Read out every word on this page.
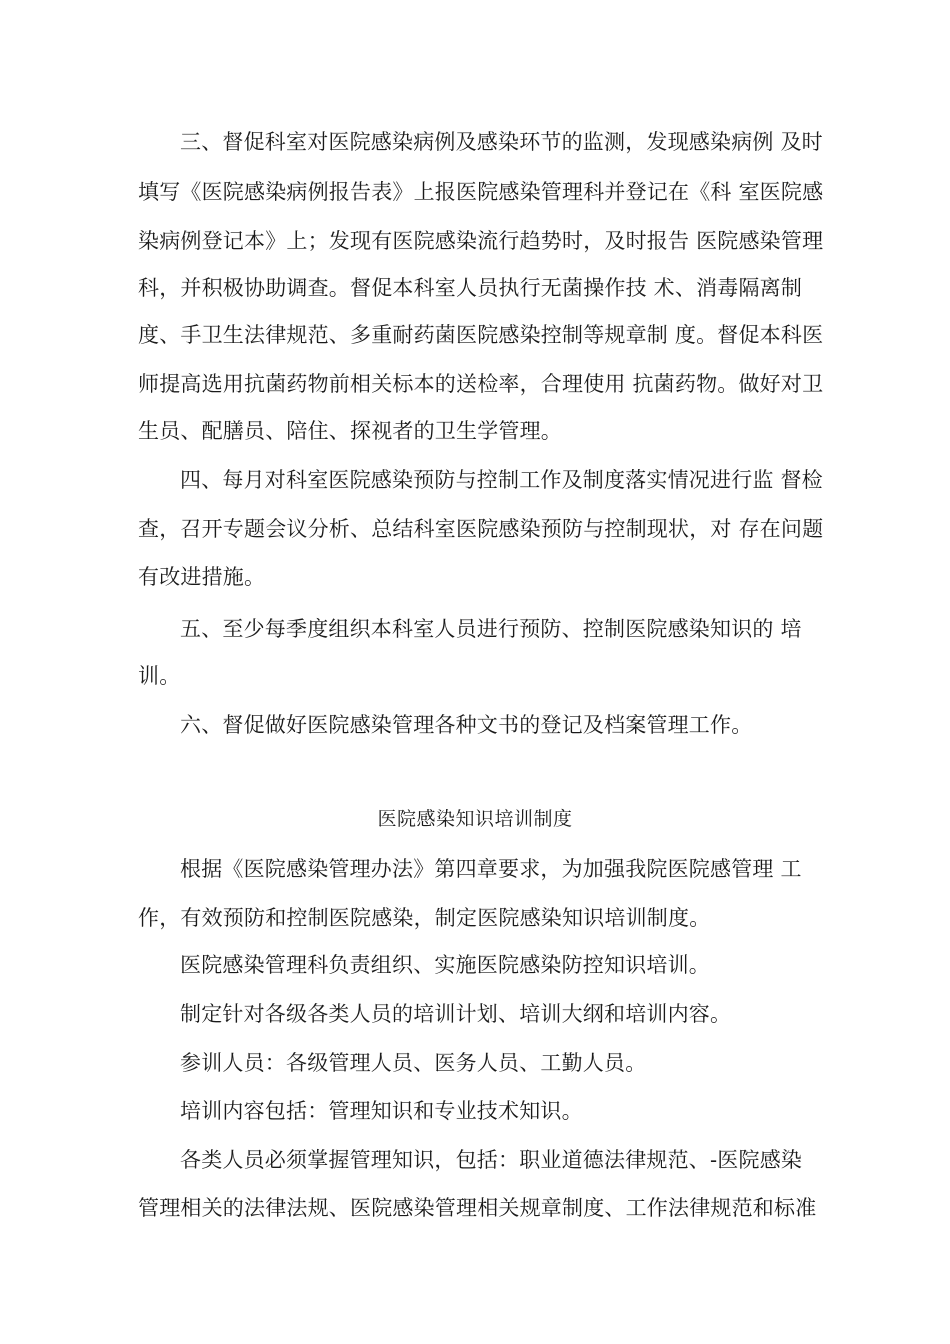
三、督促科室对医院感染病例及感染环节的监测，发现感染病例 及时
填写《医院感染病例报告表》上报医院感染管理科并登记在《科 室医院感
染病例登记本》上；发现有医院感染流行趋势时，及时报告 医院感染管理
科，并积极协助调查。督促本科室人员执行无菌操作技 术、消毒隔离制
度、手卫生法律规范、多重耐药菌医院感染控制等规章制 度。督促本科医
师提高选用抗菌药物前相关标本的送检率，合理使用 抗菌药物。做好对卫
生员、配膳员、陪住、探视者的卫生学管理。
四、每月对科室医院感染预防与控制工作及制度落实情况进行监 督检
查，召开专题会议分析、总结科室医院感染预防与控制现状，对 存在问题
有改进措施。
五、至少每季度组织本科室人员进行预防、控制医院感染知识的 培
训。
六、督促做好医院感染管理各种文书的登记及档案管理工作。
医院感染知识培训制度
根据《医院感染管理办法》第四章要求，为加强我院医院感管理 工
作，有效预防和控制医院感染，制定医院感染知识培训制度。
医院感染管理科负责组织、实施医院感染防控知识培训。
制定针对各级各类人员的培训计划、培训大纲和培训内容。
参训人员：各级管理人员、医务人员、工勤人员。
培训内容包括：管理知识和专业技术知识。
各类人员必须掌握管理知识，包括：职业道德法律规范、-医院感染
管理相关的法律法规、医院感染管理相关规章制度、工作法律规范和标准
